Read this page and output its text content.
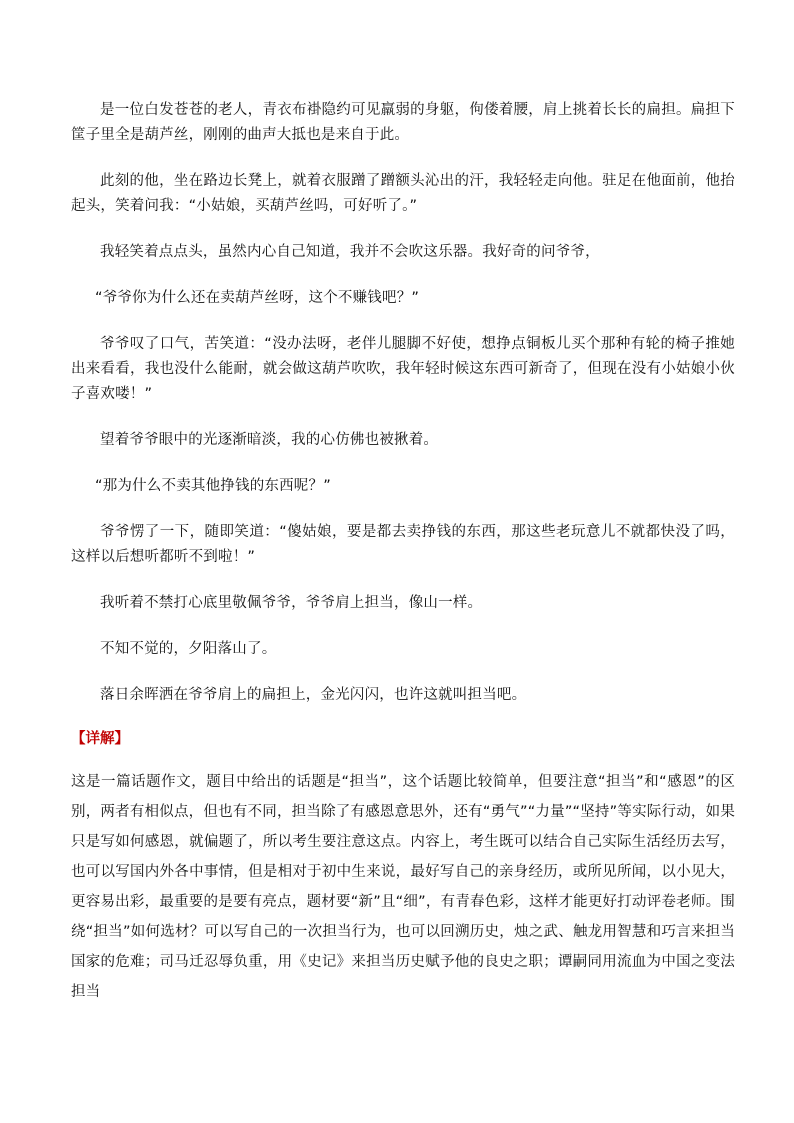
是一位白发苍苍的老人，青衣布褂隐约可见羸弱的身躯，佝偻着腰，肩上挑着长长的扁担。扁担下筐子里全是葫芦丝，刚刚的曲声大抵也是来自于此。

此刻的他，坐在路边长凳上，就着衣服蹭了蹭额头沁出的汗，我轻轻走向他。驻足在他面前，他抬起头，笑着问我：“小姑娘，买葫芦丝吗，可好听了。”

我轻笑着点点头，虽然内心自己知道，我并不会吹这乐器。我好奇的问爷爷，

“爷爷你为什么还在卖葫芦丝呀，这个不赚钱吧？”

爷爷叹了口气，苦笑道：“没办法呀，老伴儿腿脚不好使，想挣点铜板儿买个那种有轮的椅子推她出来看看，我也没什么能耐，就会做这葫芦吹吹，我年轻时候这东西可新奇了，但现在没有小姑娘小伙子喜欢喽！”

望着爷爷眼中的光逐渐暗淡，我的心仿佛也被揪着。

“那为什么不卖其他挣钱的东西呢？”

爷爷愣了一下，随即笑道：“傻姑娘，要是都去卖挣钱的东西，那这些老玩意儿不就都快没了吗，这样以后想听都听不到啦！”

我听着不禁打心底里敬佩爷爷，爷爷肩上担当，像山一样。

不知不觉的，夕阳落山了。

落日余晖洒在爷爷肩上的扁担上，金光闪闪，也许这就叫担当吧。

【详解】

这是一篇话题作文，题目中给出的话题是“担当”，这个话题比较简单，但要注意“担当”和“感恩”的区别，两者有相似点，但也有不同，担当除了有感恩意思外，还有“勇气”“力量”“坚持”等实际行动，如果只是写如何感恩，就偏题了，所以考生要注意这点。内容上，考生既可以结合自己实际生活经历去写，也可以写国内外各中事情，但是相对于初中生来说，最好写自己的亲身经历，或所见所闻，以小见大，更容易出彩，最重要的是要有亮点，题材要“新”且“细”，有青春色彩，这样才能更好打动评卷老师。围绕“担当”如何选材？可以写自己的一次担当行为，也可以回溯历史，烛之武、触龙用智慧和巧言来担当国家的危难；司马迁忍辱负重，用《史记》来担当历史赋予他的良史之职；谭嗣同用流血为中国之变法担当
